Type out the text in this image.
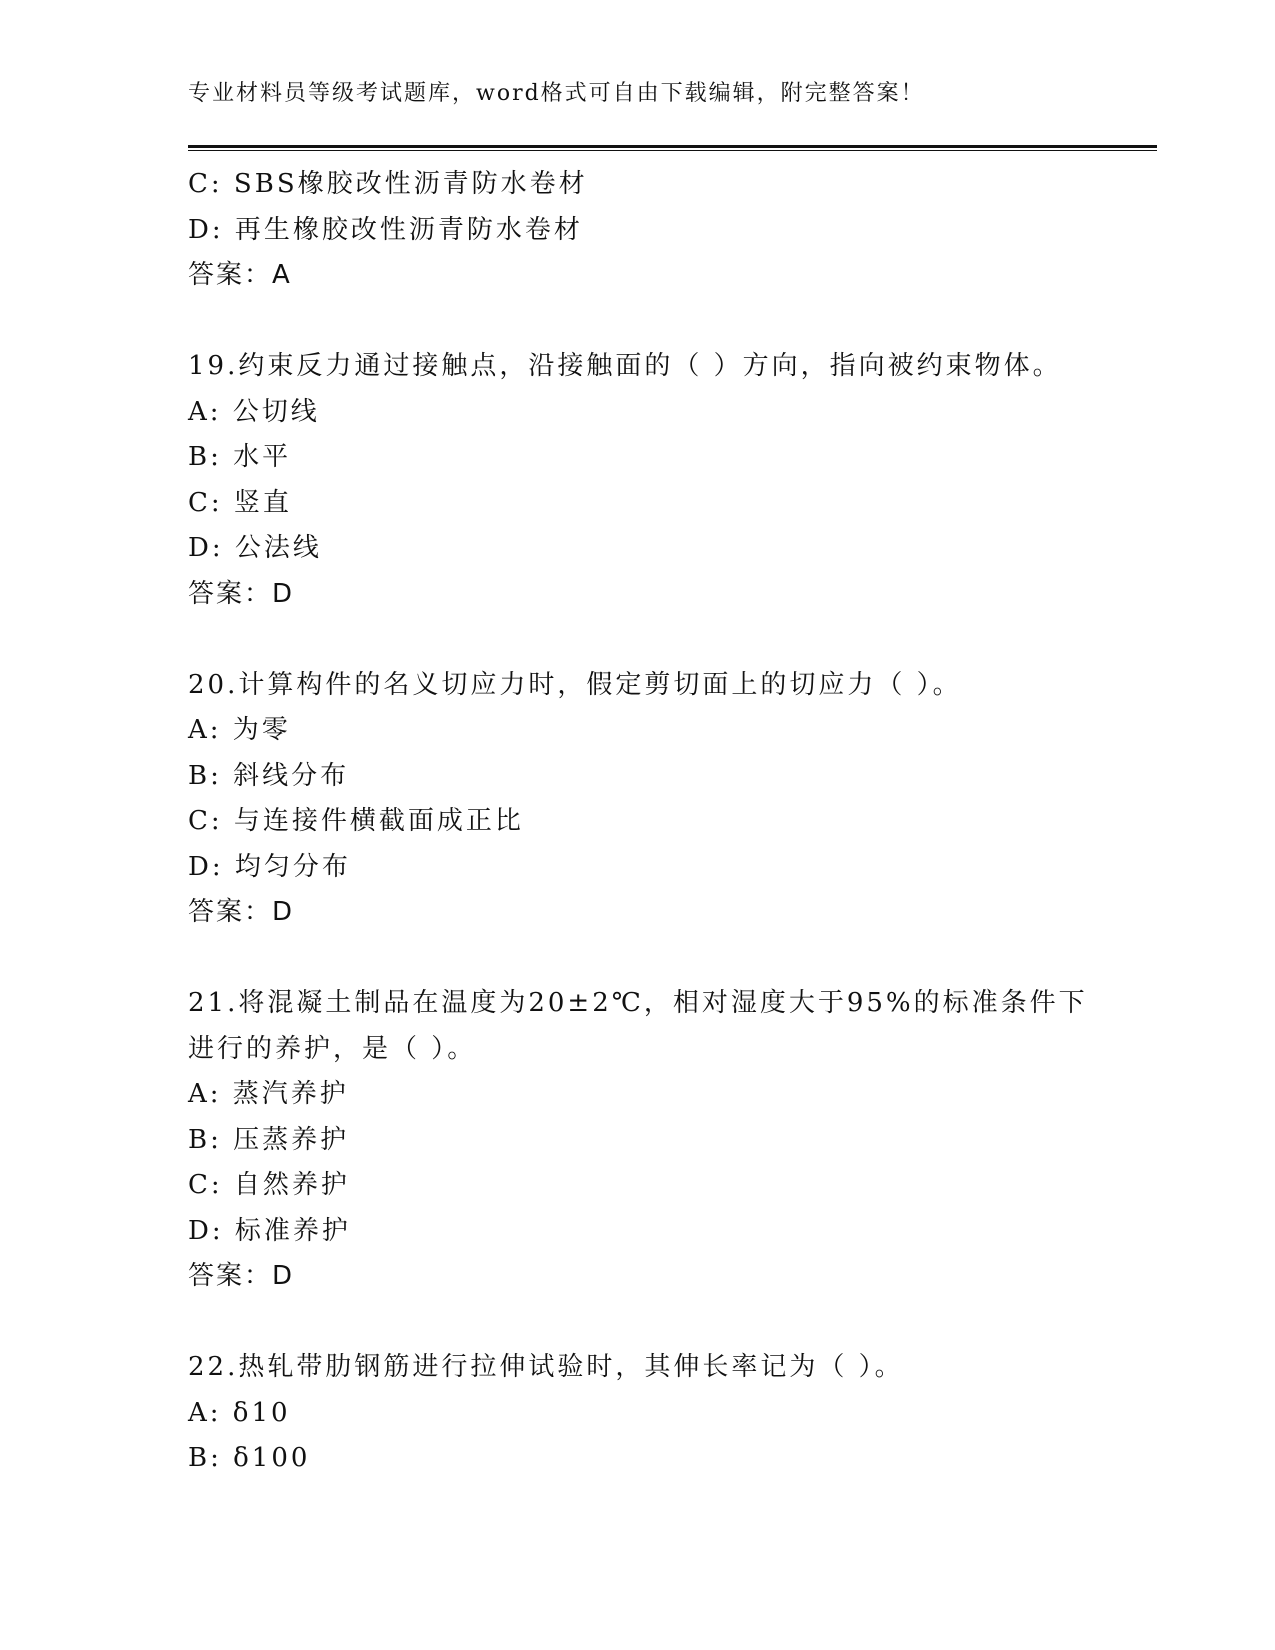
专业材料员等级考试题库，word格式可自由下载编辑，附完整答案！
C: SBS橡胶改性沥青防水卷材
D: 再生橡胶改性沥青防水卷材
答案：A
19.约束反力通过接触点，沿接触面的（ ）方向，指向被约束物体。
A: 公切线
B: 水平
C: 竖直
D: 公法线
答案：D
20.计算构件的名义切应力时，假定剪切面上的切应力（ ）。
A: 为零
B: 斜线分布
C: 与连接件横截面成正比
D: 均匀分布
答案：D
21.将混凝土制品在温度为20±2℃，相对湿度大于95%的标准条件下
进行的养护，是（ ）。
A: 蒸汽养护
B: 压蒸养护
C: 自然养护
D: 标准养护
答案：D
22.热轧带肋钢筋进行拉伸试验时，其伸长率记为（ ）。
A: δ10
B: δ100
